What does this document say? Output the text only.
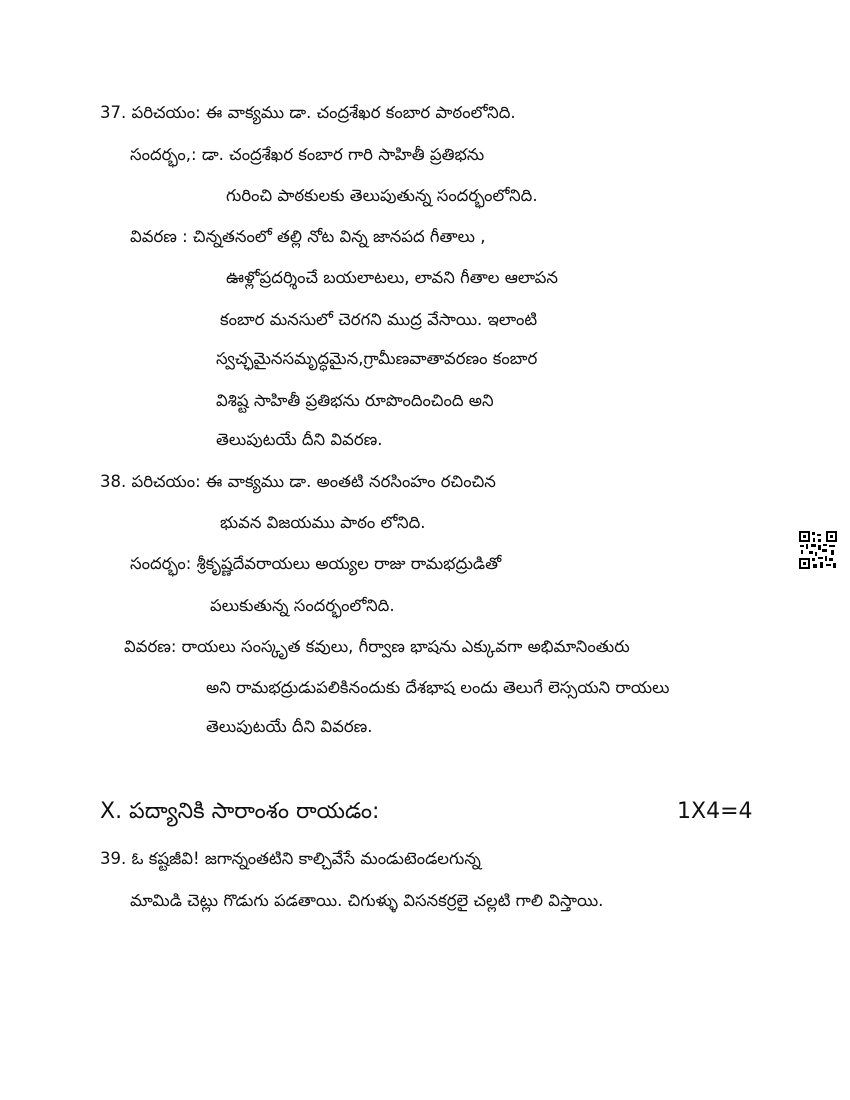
37. పరిచయం: ఈ వాక్యము డా. చంద్రశేఖర కంబార పాఠంలోనిది.
సందర్భం,: డా. చంద్రశేఖర కంబార గారి సాహితీ ప్రతిభను
గురించి పాఠకులకు తెలుపుతున్న సందర్భంలోనిది.
వివరణ : చిన్నతనంలో తల్లి నోట విన్న జానపద గీతాలు ,
ఊళ్లోప్రదర్శించే బయలాటలు, లావని గీతాల ఆలాపన
కంబార మనసులో చెరగని ముద్ర వేసాయి. ఇలాంటి
స్వచ్ఛమైనసమృద్ధమైన,గ్రామీణవాతావరణం కంబార
విశిష్ట సాహితీ ప్రతిభను రూపొందించింది అని
తెలుపుటయే దీని వివరణ.
38. పరిచయం: ఈ వాక్యము డా. అంతటి నరసింహం రచించిన
భువన విజయము పాఠం లోనిది.
సందర్భం: శ్రీకృష్ణదేవరాయలు అయ్యల రాజు రామభద్రుడితో
పలుకుతున్న సందర్భంలోనిది.
వివరణ: రాయలు సంస్కృత కవులు, గీర్వాణ భాషను ఎక్కువగా అభిమానింతురు
అని రామభద్రుడుపలికినందుకు దేశభాష లందు తెలుగే లెస్సయని రాయలు
తెలుపుటయే దీని వివరణ.
X. పద్యానికి సారాంశం రాయడం:	1X4=4
39. ఓ కష్టజీవి! జగాన్నంతటిని కాల్చివేసే మండుటెండలగున్న
మామిడి చెట్లు గొడుగు పడతాయి. చిగుళ్ళు విసనకర్రలై చల్లటి గాలి విస్తాయి.
